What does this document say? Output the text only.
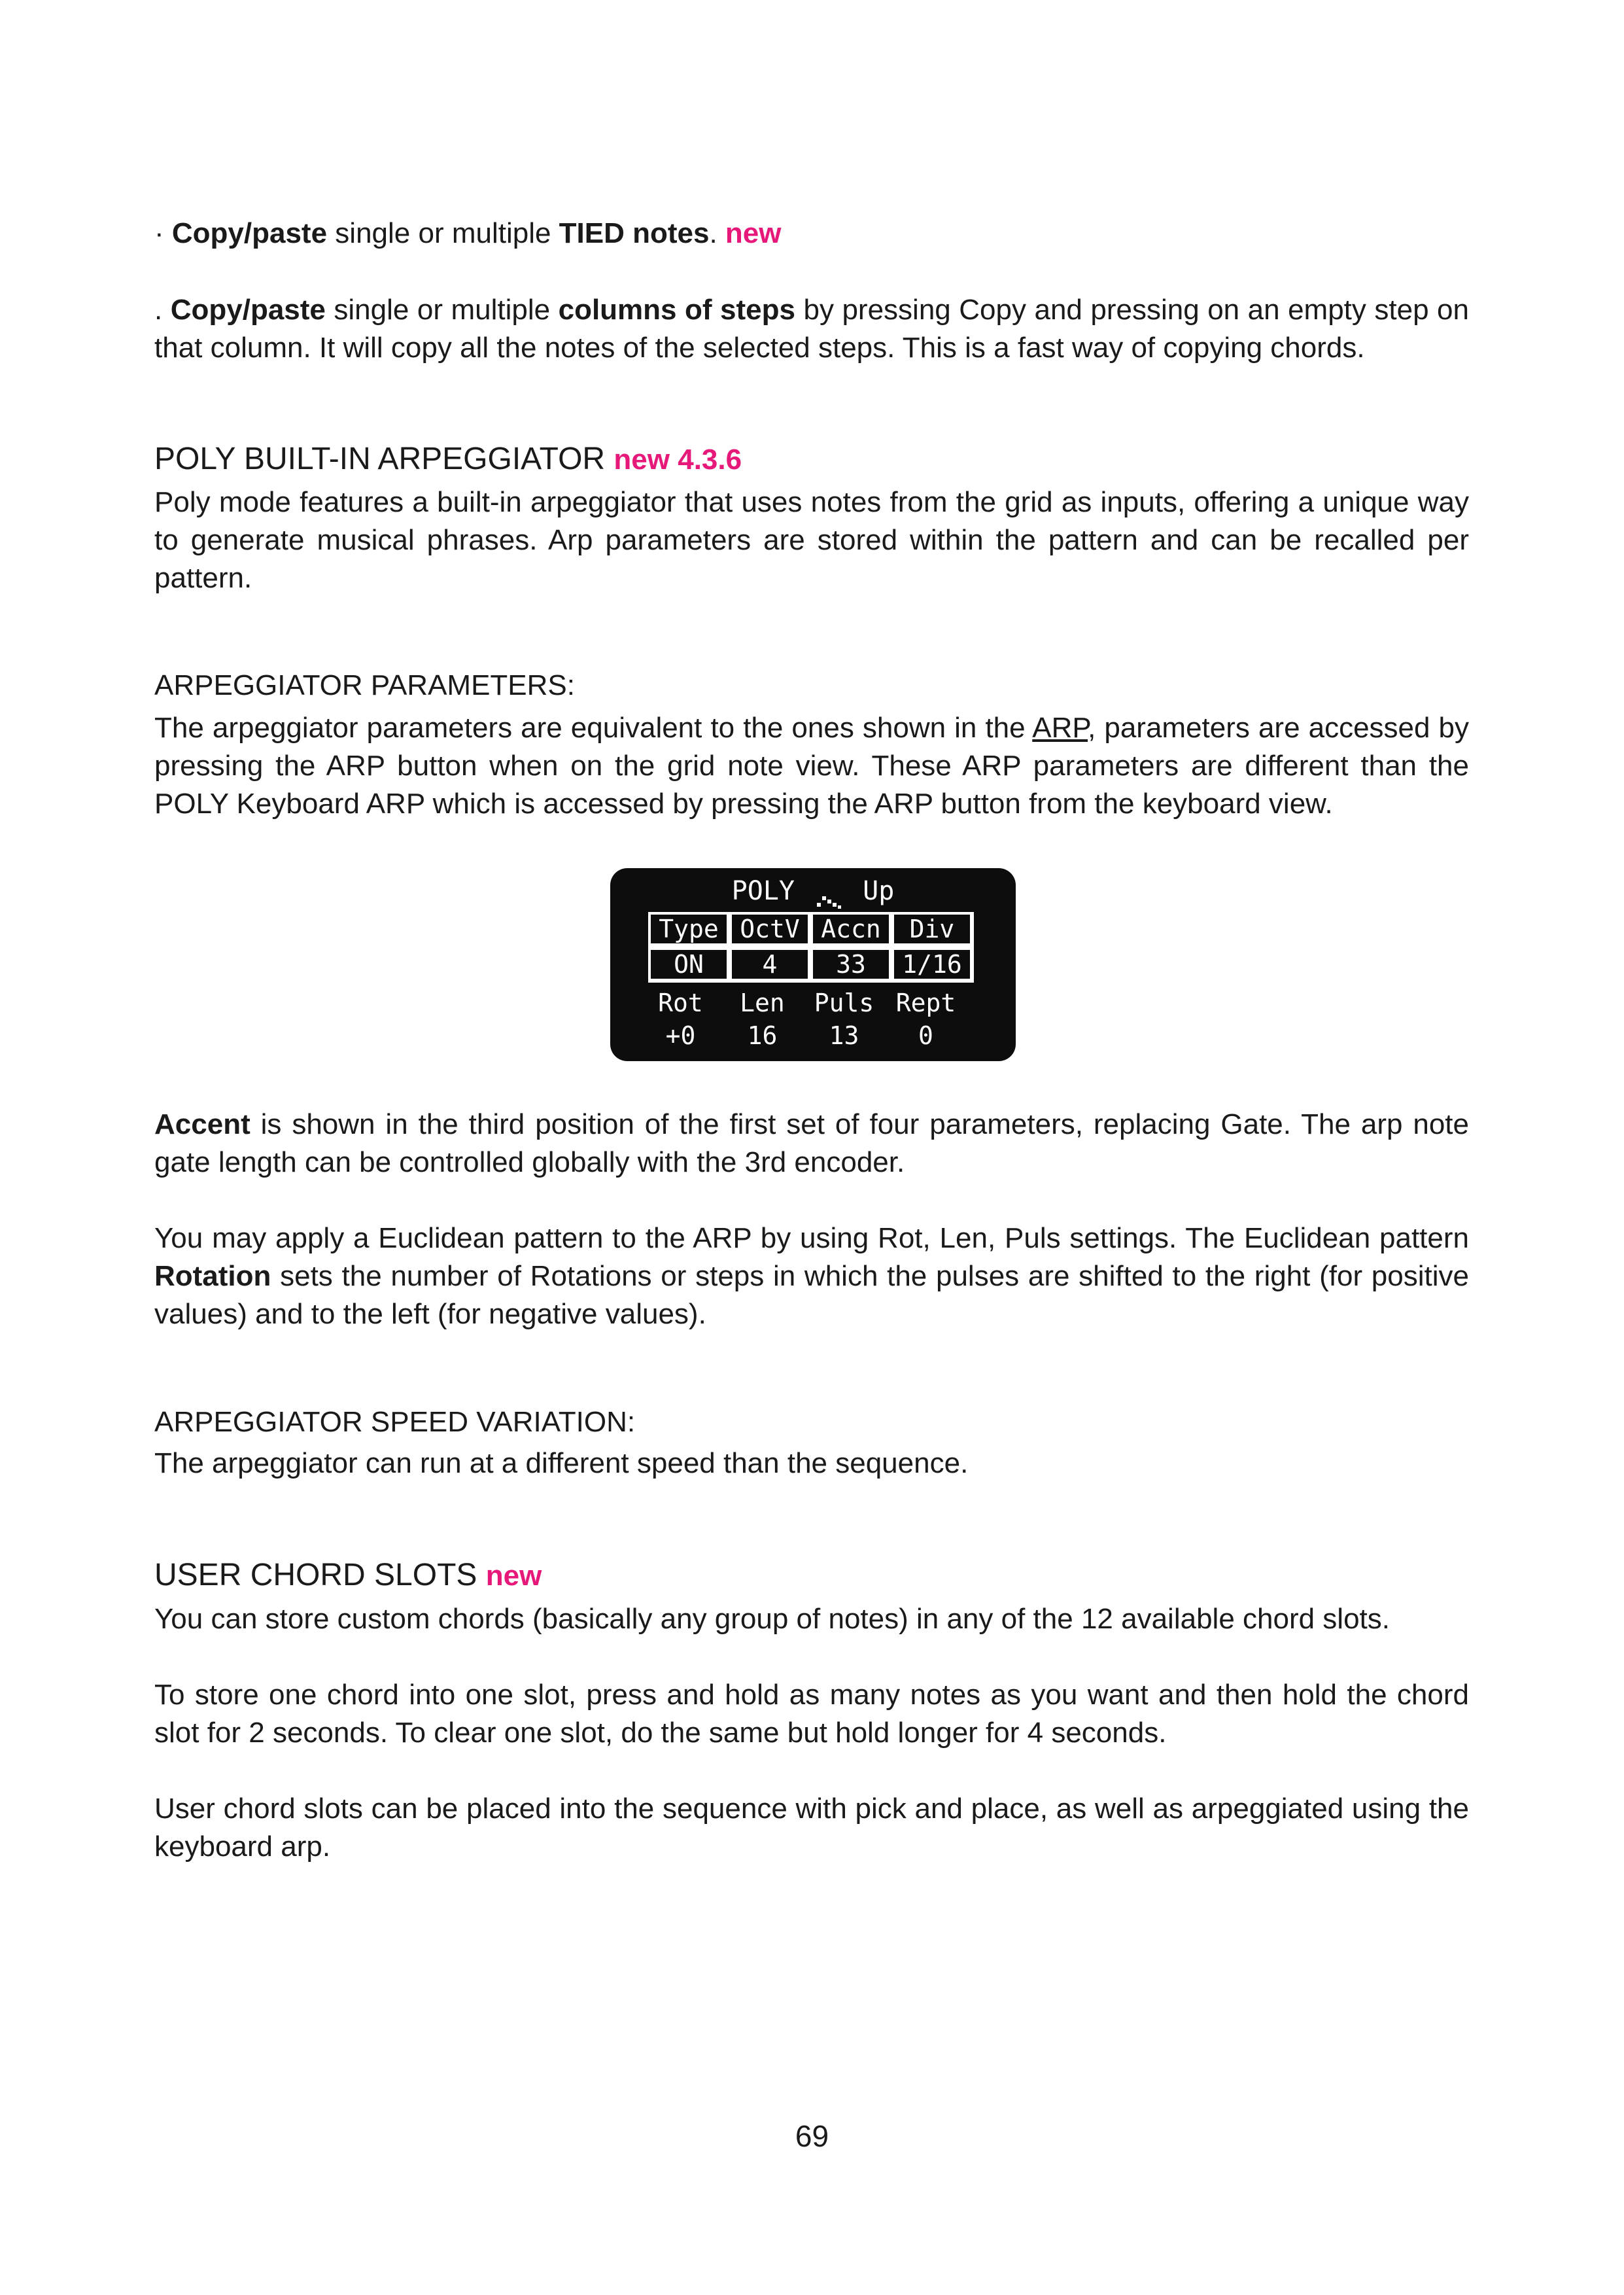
· Copy/paste single or multiple TIED notes. new

. Copy/paste single or multiple columns of steps by pressing Copy and pressing on an empty step on that column. It will copy all the notes of the selected steps. This is a fast way of copying chords.

POLY BUILT-IN ARPEGGIATOR new 4.3.6

Poly mode features a built-in arpeggiator that uses notes from the grid as inputs, offering a unique way to generate musical phrases. Arp parameters are stored within the pattern and can be recalled per pattern.

ARPEGGIATOR PARAMETERS:

The arpeggiator parameters are equivalent to the ones shown in the ARP, parameters are accessed by pressing the ARP button when on the grid note view. These ARP parameters are different than the POLY Keyboard ARP which is accessed by pressing the ARP button from the keyboard view.

Accent is shown in the third position of the first set of four parameters, replacing Gate. The arp note gate length can be controlled globally with the 3rd encoder.

You may apply a Euclidean pattern to the ARP by using Rot, Len, Puls settings. The Euclidean pattern Rotation sets the number of Rotations or steps in which the pulses are shifted to the right (for positive values) and to the left (for negative values).

ARPEGGIATOR SPEED VARIATION:

The arpeggiator can run at a different speed than the sequence.

USER CHORD SLOTS new

You can store custom chords (basically any group of notes) in any of the 12 available chord slots.

To store one chord into one slot, press and hold as many notes as you want and then hold the chord slot for 2 seconds. To clear one slot, do the same but hold longer for 4 seconds.

User chord slots can be placed into the sequence with pick and place, as well as arpeggiated using the keyboard arp.

POLY	Up
Type OctV Accn	Div
ON	4	33	1/16
Rot	Len	Puls Rept
+0	16	13	0
69
